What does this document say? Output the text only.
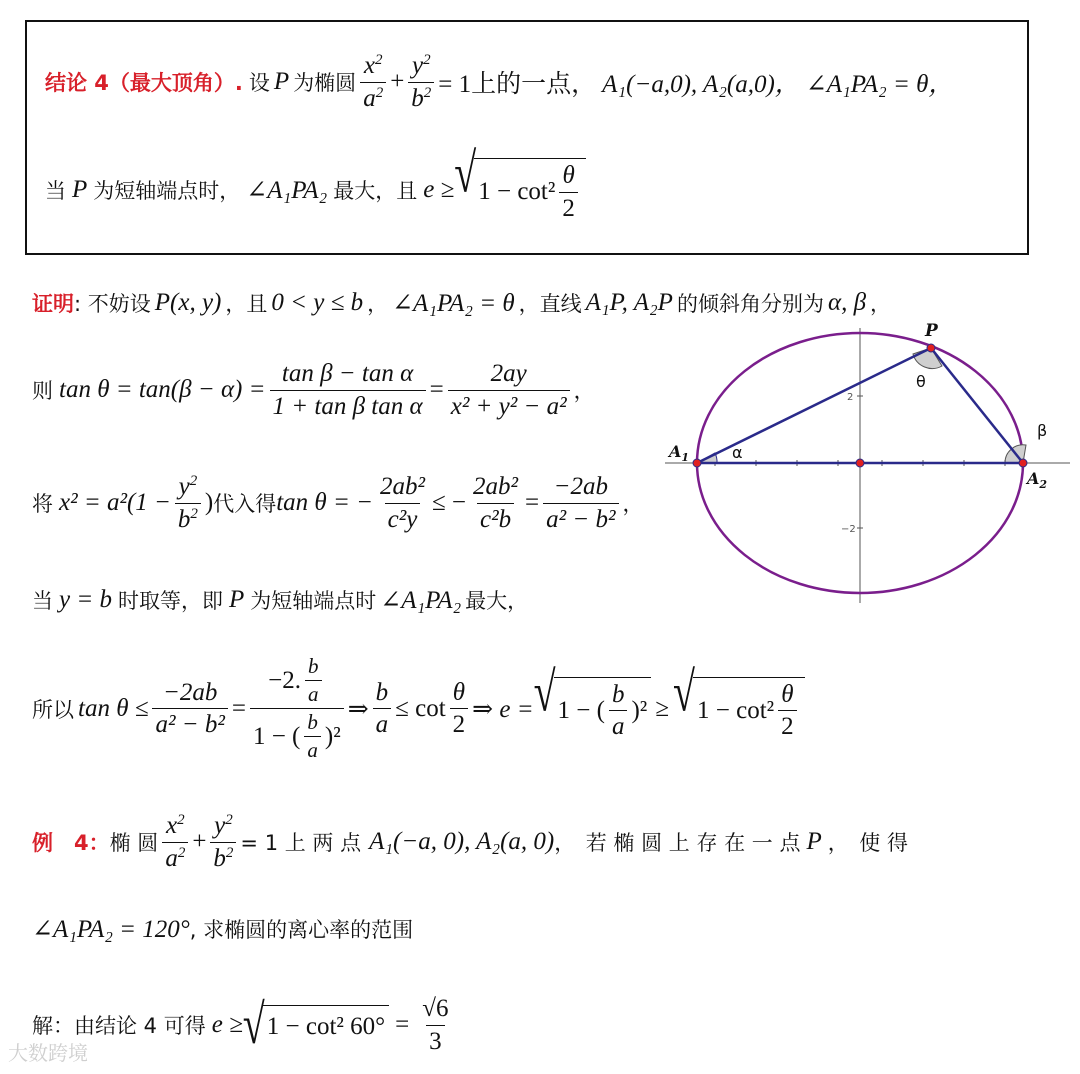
结论 4（最大顶角）. 设 P 为椭圆 $\frac{x^2}{a^2} + \frac{y^2}{b^2} = 1$上的一点， A₁(−a,0), A₂(a,0)， ∠A₁PA₂ = θ，
当 P 为短轴端点时， ∠A₁PA₂ 最大，且 e ≥ √ $1 - \cot^2 \frac{\theta}{2}$
证明 : 不妨设 P(x, y) ，且 0 < y ≤ b ， ∠A₁PA₂ = θ ，直线 A₁P, A₂P 的倾斜角分别为 α, β ，
则 $\tan \theta = \tan(\beta - \alpha) = \frac{\text{tan β − tan α}}{\text{1 + tan β tan α}} = \frac{2ay}{\text{x² + y² − a²}}$ ，
将 $x^2 = a^2(1 - \frac{y^2}{b^2}$ ) 代入得 tan θ = − $\frac{\text{2ab²}}{\text{c²y}}$ ≤ − $\frac{\text{2ab²}}{\text{c²b}} = \frac{-2ab}{\text{a² − b²}}$ ，
当 y = b 时取等，即 P 为短轴端点时 ∠A₁PA₂ 最大，
所以 $\tan \theta \le \frac{-2ab}{\text{a² − b²}} = \frac{-2. \frac{b}{a}}{1 - ( \frac{b}{a} )^2}$ ⇒ $\frac{b}{a} \le \cot \frac{\theta}{2}$ ⇒ e = √ 1 − ( $\frac{b}{a} )^2$ ≥ √ $1 - \cot^2 \frac{\theta}{2}$
例　4： 椭 圆 $\frac{x^2}{a^2} + \frac{y^2}{b^2} = 1$ 上 两 点 A₁(−a, 0), A₂(a, 0) ，　若 椭 圆 上 存 在 一 点 P ，　使 得
∠A₁PA₂ = 120° , 求椭圆的离心率的范围
解：由结论 4 可得 e ≥ √ 1 − cot² $60^\circ = \frac{√6}{3}$
2
−2
P
θ
α
β
$A_1$
$A_2$
大数跨境
